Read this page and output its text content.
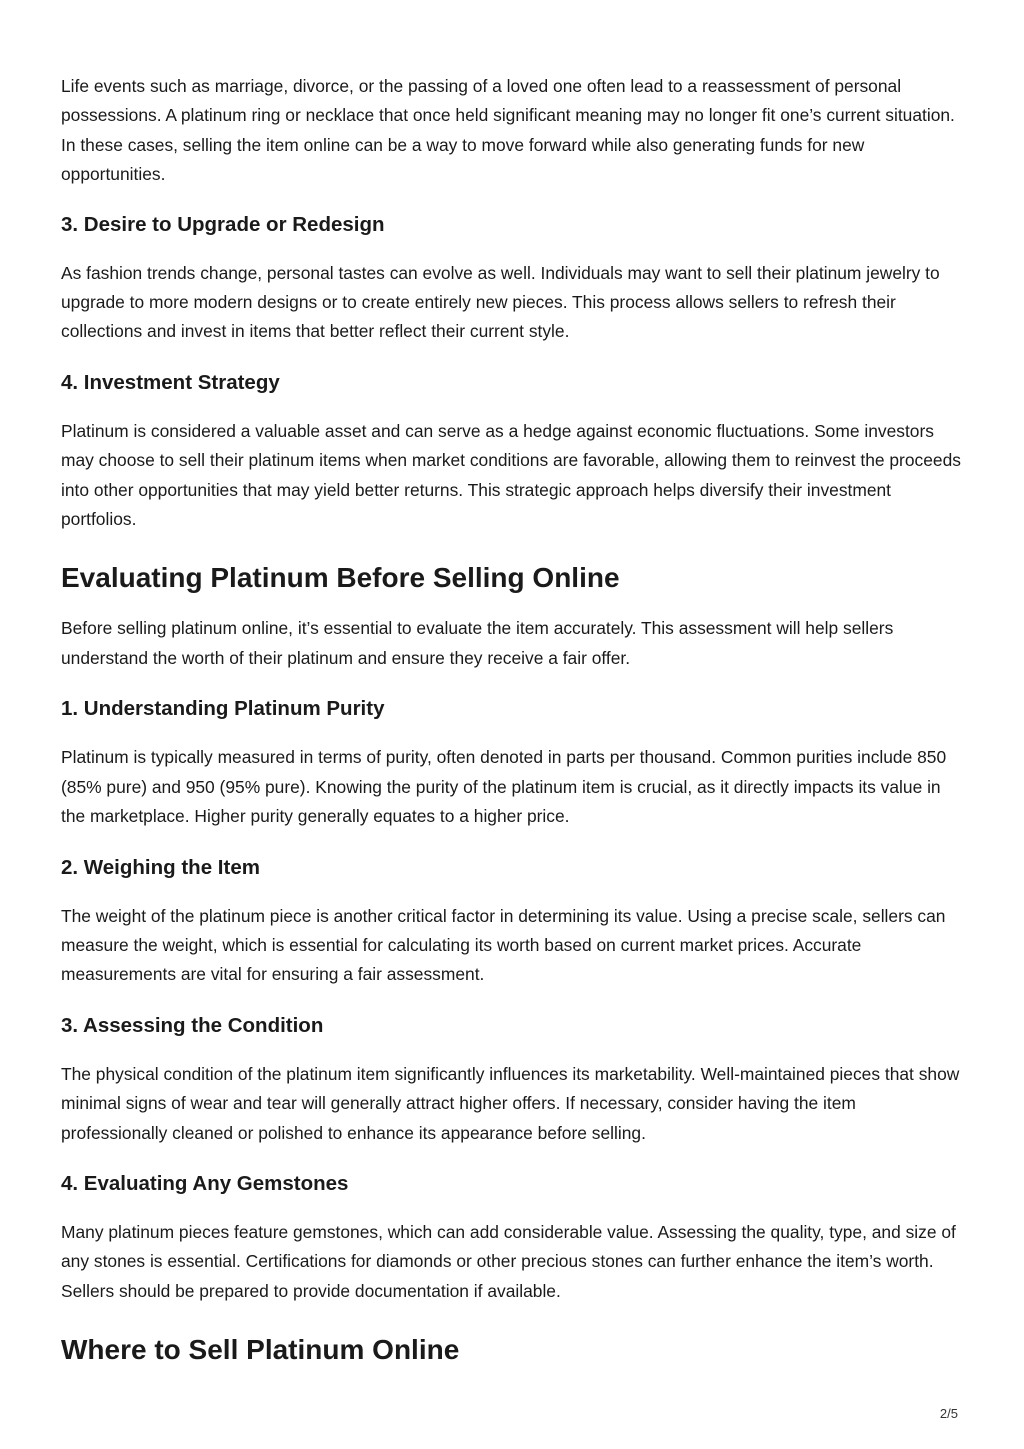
Life events such as marriage, divorce, or the passing of a loved one often lead to a reassessment of personal possessions. A platinum ring or necklace that once held significant meaning may no longer fit one’s current situation. In these cases, selling the item online can be a way to move forward while also generating funds for new opportunities.

3. Desire to Upgrade or Redesign

As fashion trends change, personal tastes can evolve as well. Individuals may want to sell their platinum jewelry to upgrade to more modern designs or to create entirely new pieces. This process allows sellers to refresh their collections and invest in items that better reflect their current style.

4. Investment Strategy

Platinum is considered a valuable asset and can serve as a hedge against economic fluctuations. Some investors may choose to sell their platinum items when market conditions are favorable, allowing them to reinvest the proceeds into other opportunities that may yield better returns. This strategic approach helps diversify their investment portfolios.

Evaluating Platinum Before Selling Online

Before selling platinum online, it’s essential to evaluate the item accurately. This assessment will help sellers understand the worth of their platinum and ensure they receive a fair offer.

1. Understanding Platinum Purity

Platinum is typically measured in terms of purity, often denoted in parts per thousand. Common purities include 850 (85% pure) and 950 (95% pure). Knowing the purity of the platinum item is crucial, as it directly impacts its value in the marketplace. Higher purity generally equates to a higher price.

2. Weighing the Item

The weight of the platinum piece is another critical factor in determining its value. Using a precise scale, sellers can measure the weight, which is essential for calculating its worth based on current market prices. Accurate measurements are vital for ensuring a fair assessment.

3. Assessing the Condition

The physical condition of the platinum item significantly influences its marketability. Well-maintained pieces that show minimal signs of wear and tear will generally attract higher offers. If necessary, consider having the item professionally cleaned or polished to enhance its appearance before selling.

4. Evaluating Any Gemstones

Many platinum pieces feature gemstones, which can add considerable value. Assessing the quality, type, and size of any stones is essential. Certifications for diamonds or other precious stones can further enhance the item’s worth. Sellers should be prepared to provide documentation if available.

Where to Sell Platinum Online
2/5
